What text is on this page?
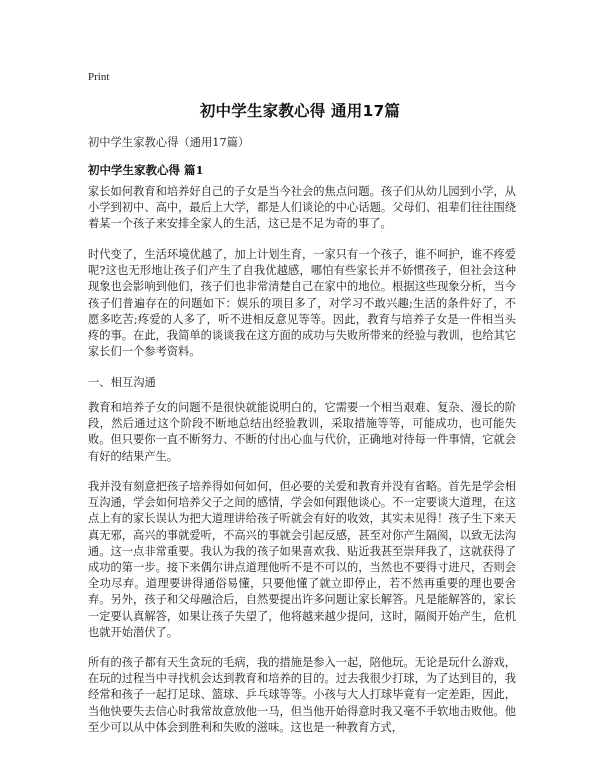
Print
初中学生家教心得 通用17篇
初中学生家教心得（通用17篇）
初中学生家教心得 篇1

家长如何教育和培养好自己的子女是当今社会的焦点问题。孩子们从幼儿园到小学，从小学到初中、高中，最后上大学，都是人们谈论的中心话题。父母们、祖辈们往往围绕着某一个孩子来安排全家人的生活，这已是不足为奇的事了。

时代变了，生活环境优越了，加上计划生育，一家只有一个孩子，谁不呵护，谁不疼爱呢?这也无形地让孩子们产生了自我优越感，哪怕有些家长并不娇惯孩子，但社会这种现象也会影响到他们，孩子们也非常清楚自己在家中的地位。根据这些现象分析，当今孩子们普遍存在的问题如下：娱乐的项目多了，对学习不敢兴趣;生活的条件好了，不愿多吃苦;疼爱的人多了，听不进相反意见等等。因此，教育与培养子女是一件相当头疼的事。在此，我简单的谈谈我在这方面的成功与失败所带来的经验与教训，也给其它家长们一个参考资料。

一、相互沟通

教育和培养子女的问题不是很快就能说明白的，它需要一个相当艰难、复杂、漫长的阶段，然后通过这个阶段不断地总结出经验教训，采取措施等等，可能成功，也可能失败。但只要你一直不断努力、不断的付出心血与代价，正确地对待每一件事情，它就会有好的结果产生。

我并没有刻意把孩子培养得如何如何，但必要的关爱和教育并没有省略。首先是学会相互沟通，学会如何培养父子之间的感情，学会如何跟他谈心。不一定要谈大道理，在这点上有的家长误认为把大道理讲给孩子听就会有好的收效，其实未见得！孩子生下来天真无邪，高兴的事就爱听，不高兴的事就会引起反感，甚至对你产生隔阂，以致无法沟通。这一点非常重要。我认为我的孩子如果喜欢我、贴近我甚至崇拜我了，这就获得了成功的第一步。接下来偶尔讲点道理他听不是不可以的，当然也不要得寸进尺，否则会全功尽弃。道理要讲得通俗易懂，只要他懂了就立即停止，若不然再重要的理也要舍弃。另外，孩子和父母融洽后，自然要提出许多问题让家长解答。凡是能解答的，家长一定要认真解答，如果让孩子失望了，他将越来越少提问，这时，隔阂开始产生，危机也就开始潜伏了。

所有的孩子都有天生贪玩的毛病，我的措施是参入一起，陪他玩。无论是玩什么游戏，在玩的过程当中寻找机会达到教育和培养的目的。过去我很少打球，为了达到目的，我经常和孩子一起打足球、篮球、乒乓球等等。小孩与大人打球毕竟有一定差距，因此，当他快要失去信心时我常故意放他一马，但当他开始得意时我又毫不手软地击败他。他至少可以从中体会到胜利和失败的滋味。这也是一种教育方式，
